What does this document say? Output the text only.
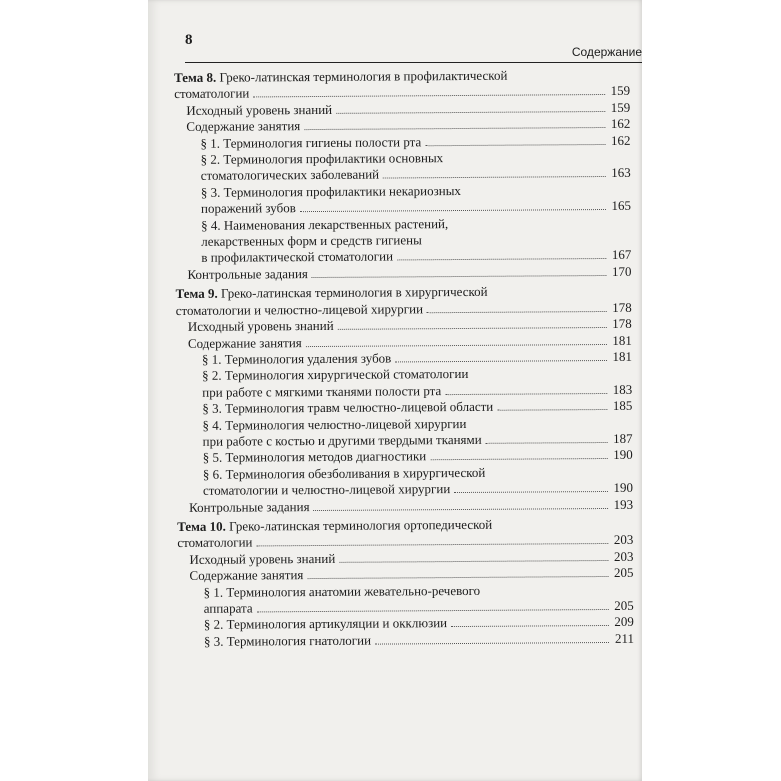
8
Содержание
Тема 8. Греко-латинская терминология в профилактической
стоматологии	159
Исходный уровень знаний	159
Содержание занятия	162
§ 1. Терминология гигиены полости рта	162
§ 2. Терминология профилактики основных
стоматологических заболеваний	163
§ 3. Терминология профилактики некариозных
поражений зубов	165
§ 4. Наименования лекарственных растений,
лекарственных форм и средств гигиены
в профилактической стоматологии	167
Контрольные задания	170
Тема 9. Греко-латинская терминология в хирургической
стоматологии и челюстно-лицевой хирургии	178
Исходный уровень знаний	178
Содержание занятия	181
§ 1. Терминология удаления зубов	181
§ 2. Терминология хирургической стоматологии
при работе с мягкими тканями полости рта	183
§ 3. Терминология травм челюстно-лицевой области	185
§ 4. Терминология челюстно-лицевой хирургии
при работе с костью и другими твердыми тканями	187
§ 5. Терминология методов диагностики	190
§ 6. Терминология обезболивания в хирургической
стоматологии и челюстно-лицевой хирургии	190
Контрольные задания	193
Тема 10. Греко-латинская терминология ортопедической
стоматологии	203
Исходный уровень знаний	203
Содержание занятия	205
§ 1. Терминология анатомии жевательно-речевого
аппарата	205
§ 2. Терминология артикуляции и окклюзии	209
§ 3. Терминология гнатологии	211
